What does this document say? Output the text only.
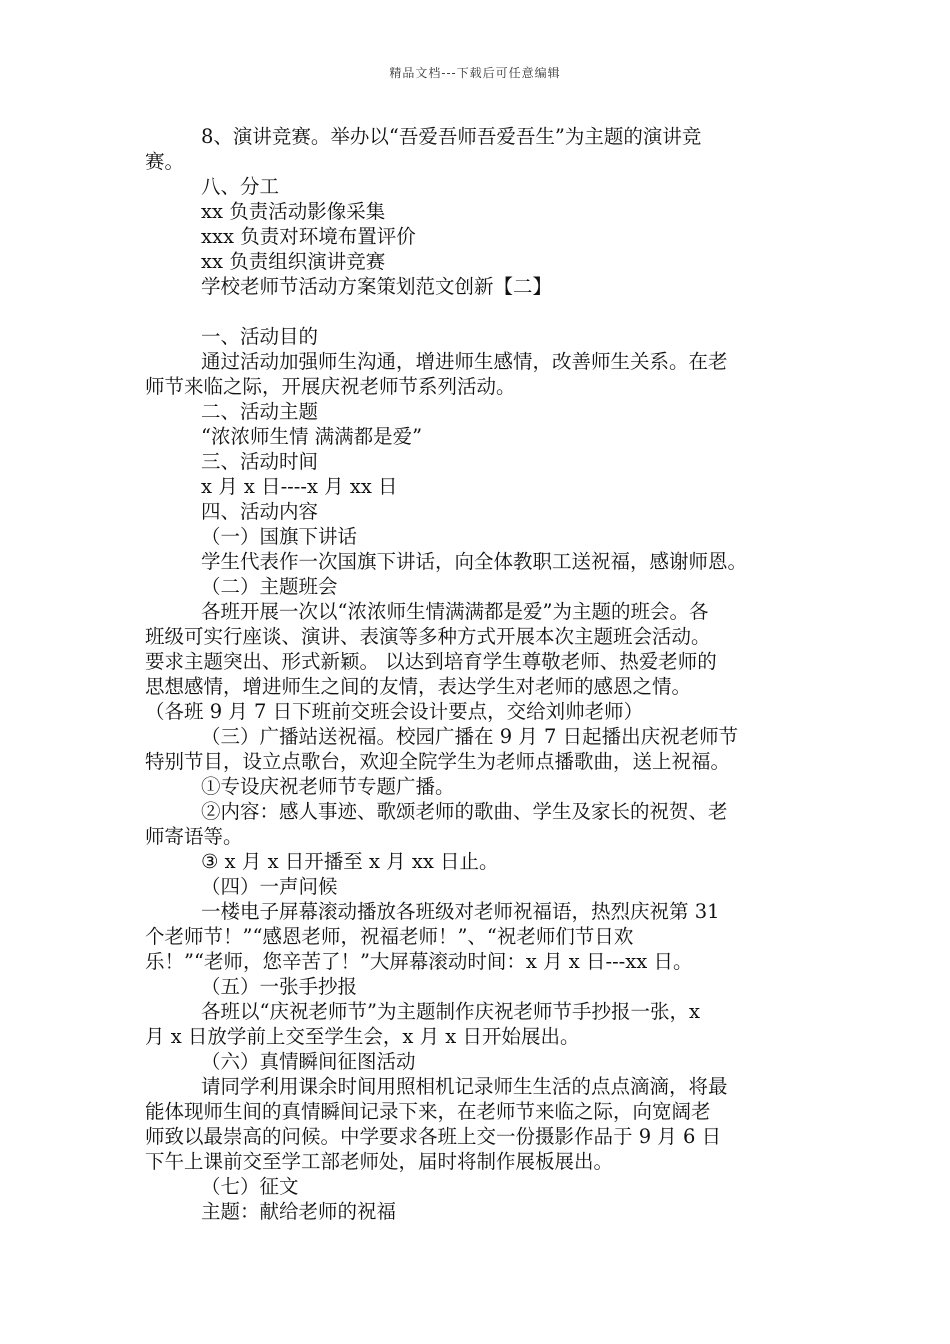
精品文档---下载后可任意编辑
8、演讲竞赛。举办以“吾爱吾师吾爱吾生”为主题的演讲竞
赛。
八、分工
xx 负责活动影像采集
xxx 负责对环境布置评价
xx 负责组织演讲竞赛
学校老师节活动方案策划范文创新【二】
一、活动目的
通过活动加强师生沟通，增进师生感情，改善师生关系。在老
师节来临之际，开展庆祝老师节系列活动。
二、活动主题
“浓浓师生情 满满都是爱”
三、活动时间
x 月 x 日----x 月 xx 日
四、活动内容
（一）国旗下讲话
学生代表作一次国旗下讲话，向全体教职工送祝福，感谢师恩。
（二）主题班会
各班开展一次以“浓浓师生情满满都是爱”为主题的班会。各
班级可实行座谈、演讲、表演等多种方式开展本次主题班会活动。
要求主题突出、形式新颖。 以达到培育学生尊敬老师、热爱老师的
思想感情，增进师生之间的友情，表达学生对老师的感恩之情。
（各班 9 月 7 日下班前交班会设计要点，交给刘帅老师）
（三）广播站送祝福。校园广播在 9 月 7 日起播出庆祝老师节
特别节目，设立点歌台，欢迎全院学生为老师点播歌曲，送上祝福。
①专设庆祝老师节专题广播。
②内容：感人事迹、歌颂老师的歌曲、学生及家长的祝贺、老
师寄语等。
③ x 月 x 日开播至 x 月 xx 日止。
（四）一声问候
一楼电子屏幕滚动播放各班级对老师祝福语，热烈庆祝第 31
个老师节！”“感恩老师，祝福老师！”、“祝老师们节日欢
乐！”“老师，您辛苦了！”大屏幕滚动时间：x 月 x 日---xx 日。
（五）一张手抄报
各班以“庆祝老师节”为主题制作庆祝老师节手抄报一张，x
月 x 日放学前上交至学生会，x 月 x 日开始展出。
（六）真情瞬间征图活动
请同学利用课余时间用照相机记录师生生活的点点滴滴，将最
能体现师生间的真情瞬间记录下来，在老师节来临之际，向宽阔老
师致以最崇高的问候。中学要求各班上交一份摄影作品于 9 月 6 日
下午上课前交至学工部老师处，届时将制作展板展出。
（七）征文
主题：献给老师的祝福
